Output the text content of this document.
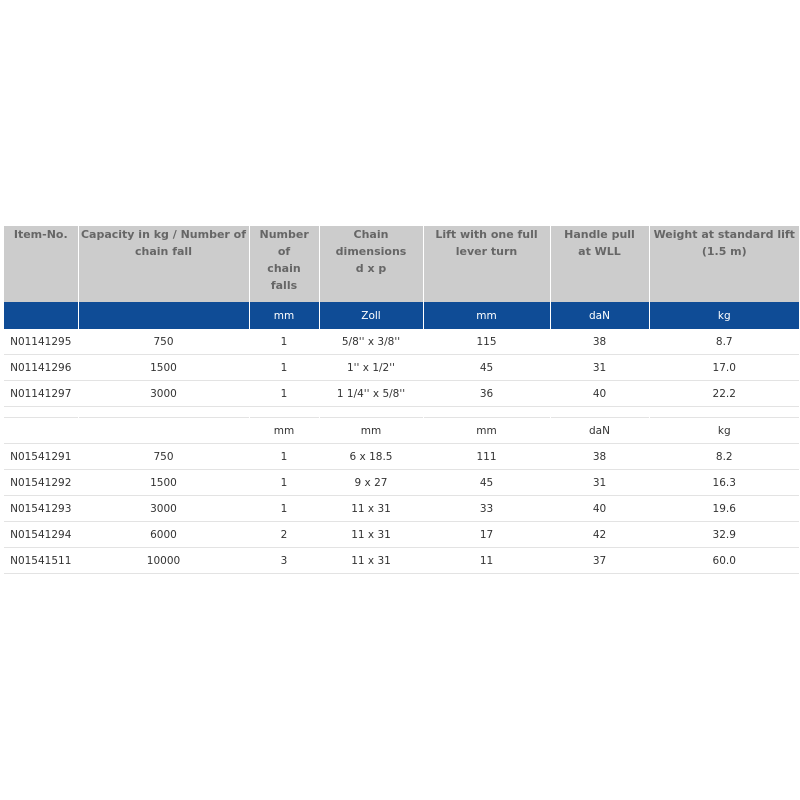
Item-No.	Capacity in kg / Number of chain fall	Number of chain falls	Chain dimensions d x p	Lift with one full lever turn	Handle pull at WLL	Weight at standard lift (1.5 m)
		mm	Zoll	mm	daN	kg
N01141295	750	1	5/8'' x 3/8''	115	38	8.7
N01141296	1500	1	1'' x 1/2''	45	31	17.0
N01141297	3000	1	1 1/4'' x 5/8''	36	40	22.2

		mm	mm	mm	daN	kg
N01541291	750	1	6 x 18.5	111	38	8.2
N01541292	1500	1	9 x 27	45	31	16.3
N01541293	3000	1	11 x 31	33	40	19.6
N01541294	6000	2	11 x 31	17	42	32.9
N01541511	10000	3	11 x 31	11	37	60.0
